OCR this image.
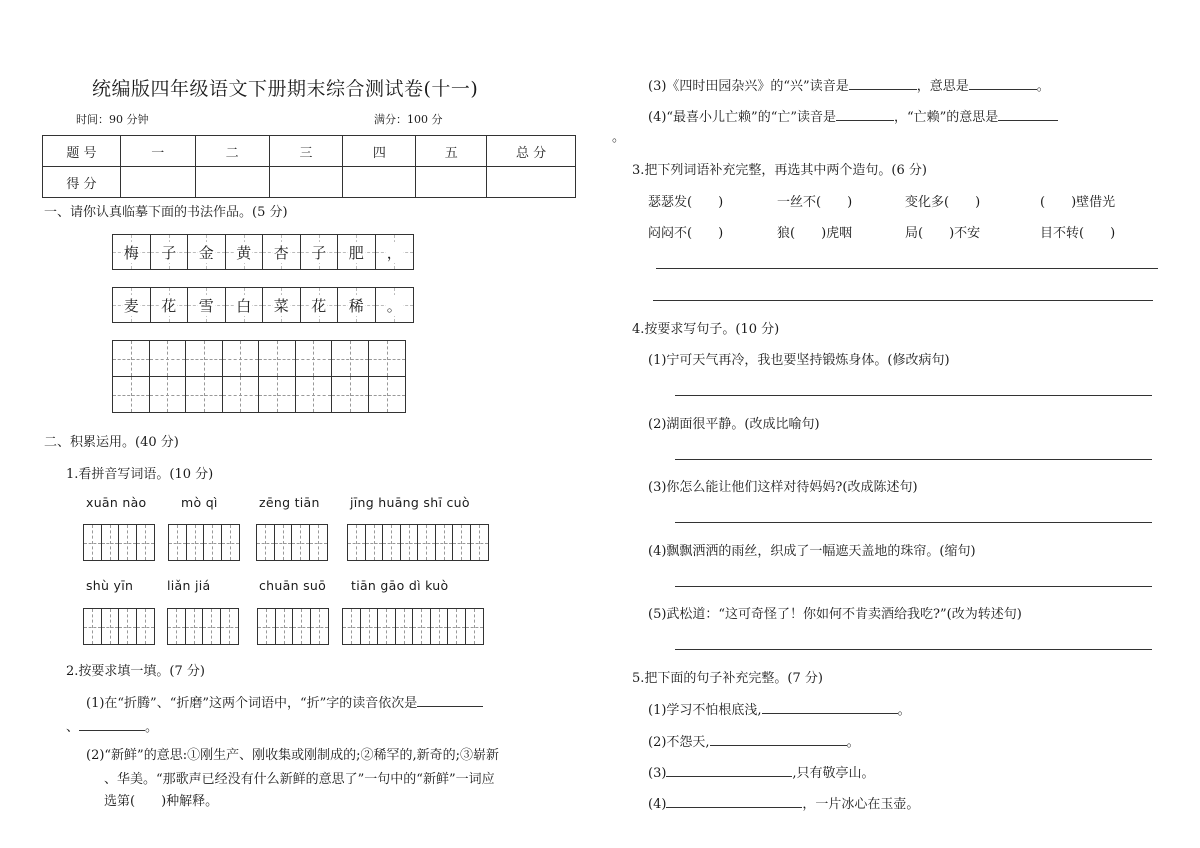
统编版四年级语文下册期末综合测试卷(十一)
时间：90 分钟	满分：100 分
题 号	一	二	三	四	五	总 分
得 分						
一、请你认真临摹下面的书法作品。(5 分)
梅 子 金 黄 杏 子 肥 ，
麦 花 雪 白 菜 花 稀 。
二、积累运用。(40 分)
1.看拼音写词语。(10 分)
xuān nào	mò qì	zēng tiān jīng huāng shī cuò
shù yīn	liǎn jiá	chuān suō tiān gāo dì kuò
2.按要求填一填。(7 分)
(1)在“折腾”、“折磨”这两个词语中，“折”字的读音依次是
、	。
(2)“新鲜”的意思:①刚生产、刚收集或刚制成的;②稀罕的,新奇的;③崭新
、华美。“那歌声已经没有什么新鲜的意思了”一句中的“新鲜”一词应
选第(　　)种解释。
(3)《四时田园杂兴》的“兴”读音是	，意思是	。
(4)“最喜小儿亡赖”的“亡”读音是	，“亡赖”的意思是
。
3.把下列词语补充完整，再选其中两个造句。(6 分)
瑟瑟发(　　)	一丝不(　　)	变化多(　　)	(　　)壁借光
闷闷不(　　)	狼(　　)虎咽	局(　　)不安	目不转(　　)
4.按要求写句子。(10 分)
(1)宁可天气再冷，我也要坚持锻炼身体。(修改病句)
(2)湖面很平静。(改成比喻句)
(3)你怎么能让他们这样对待妈妈?(改成陈述句)
(4)飘飘洒洒的雨丝，织成了一幅遮天盖地的珠帘。(缩句)
(5)武松道：“这可奇怪了！你如何不肯卖酒给我吃?”(改为转述句)
5.把下面的句子补充完整。(7 分)
(1)学习不怕根底浅,	。
(2)不怨天,	。
(3)	,只有敬亭山。
(4)	，一片冰心在玉壶。
